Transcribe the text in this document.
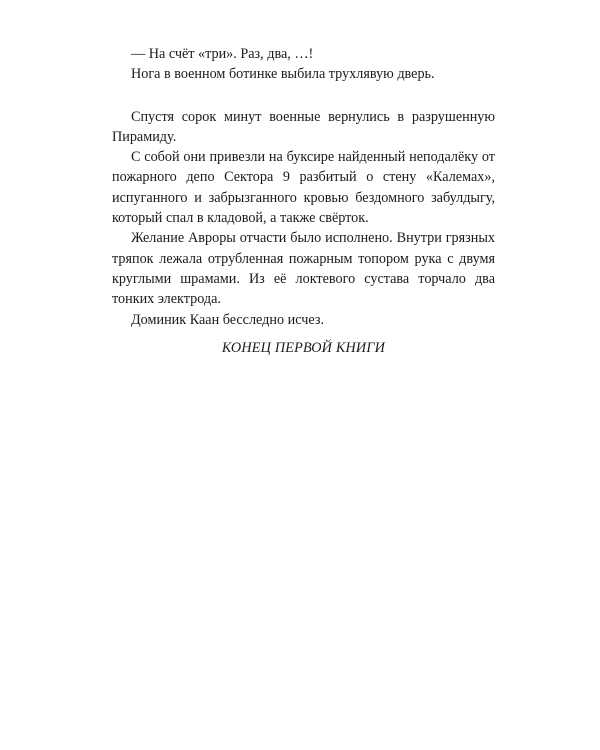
— На счёт «три». Раз, два, …!

Нога в военном ботинке выбила трухлявую дверь.

Спустя сорок минут военные вернулись в разрушенную Пирамиду.

С собой они привезли на буксире найденный неподалёку от пожарного депо Сектора 9 разбитый о стену «Калемах», испуганного и забрызганного кровью бездомного забулдыгу, который спал в кладовой, а также свёрток.

Желание Авроры отчасти было исполнено. Внутри грязных тряпок лежала отрубленная пожарным топором рука с двумя круглыми шрамами. Из её локтевого сустава торчало два тонких электрода.

Доминик Каан бесследно исчез.

КОНЕЦ ПЕРВОЙ КНИГИ
